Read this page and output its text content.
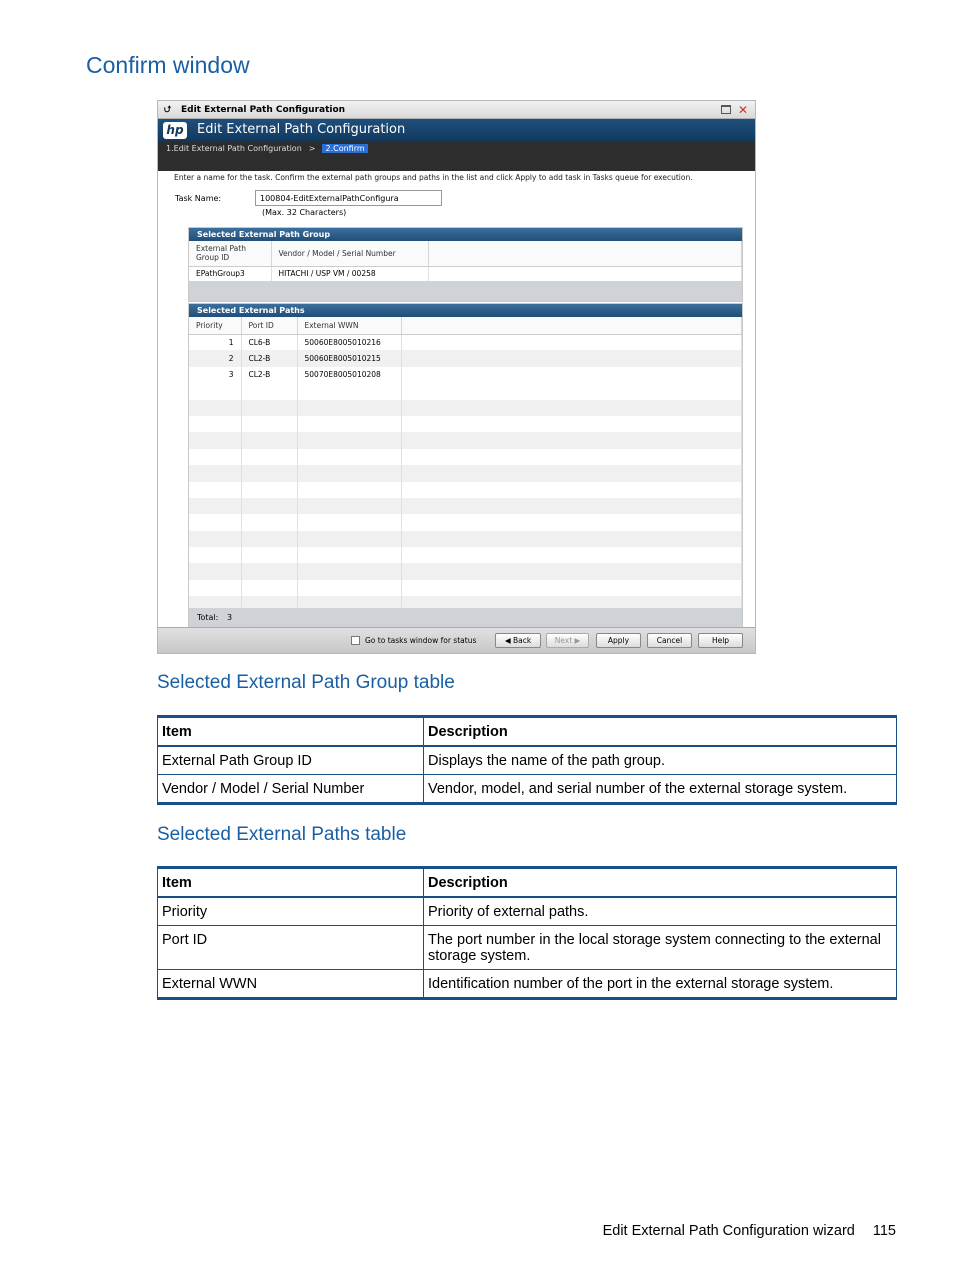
Confirm window
⮍ Edit External Path Configuration	✕
hp Edit External Path Configuration
1.Edit External Path Configuration > 2.Confirm
Enter a name for the task. Confirm the external path groups and paths in the list and click Apply to add task in Tasks queue for execution.
Task Name:	100804-EditExternalPathConfigura
(Max. 32 Characters)
Selected External Path Group
External Path Group ID	Vendor / Model / Serial Number	
EPathGroup3	HITACHI / USP VM / 00258	
Selected External Paths
Priority	Port ID	External WWN	
1	CL6-B	50060E8005010216	
2	CL2-B	50060E8005010215	
3	CL2-B	50070E8005010208	

Total: 3
Go to tasks window for status	◀ Back	Next ▶	Apply	Cancel	Help
Selected External Path Group table
Item	Description
External Path Group ID	Displays the name of the path group.
Vendor / Model / Serial Number	Vendor, model, and serial number of the external storage system.
Selected External Paths table
Item	Description
Priority	Priority of external paths.
Port ID	The port number in the local storage system connecting to the external storage system.
External WWN	Identification number of the port in the external storage system.
Edit External Path Configuration wizard 115
